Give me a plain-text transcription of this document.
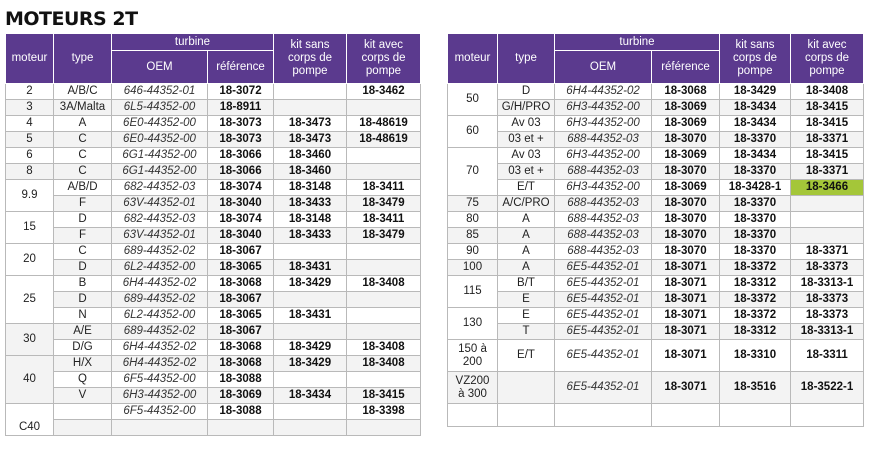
MOTEURS 2T
moteur	type	turbine		kit sans corps de pompe	kit avec corps de pompe
		OEM	référence		
2	A/B/C	646-44352-01	18-3072		18-3462
3	3A/Malta	6L5-44352-00	18-8911		
4	A	6E0-44352-00	18-3073	18-3473	18-48619
5	C	6E0-44352-00	18-3073	18-3473	18-48619
6	C	6G1-44352-00	18-3066	18-3460	
8	C	6G1-44352-00	18-3066	18-3460	
9.9	A/B/D	682-44352-03	18-3074	18-3148	18-3411
	F	63V-44352-01	18-3040	18-3433	18-3479
15	D	682-44352-03	18-3074	18-3148	18-3411
	F	63V-44352-01	18-3040	18-3433	18-3479
20	C	689-44352-02	18-3067		
	D	6L2-44352-00	18-3065	18-3431	
25	B	6H4-44352-02	18-3068	18-3429	18-3408
	D	689-44352-02	18-3067		
	N	6L2-44352-00	18-3065	18-3431	
30	A/E	689-44352-02	18-3067		
	D/G	6H4-44352-02	18-3068	18-3429	18-3408
40	H/X	6H4-44352-02	18-3068	18-3429	18-3408
	Q	6F5-44352-00	18-3088		
	V	6H3-44352-00	18-3069	18-3434	18-3415
C40		6F5-44352-00	18-3088		18-3398

moteur	type	turbine		kit sans corps de pompe	kit avec corps de pompe
		OEM	référence		
50	D	6H4-44352-02	18-3068	18-3429	18-3408
	G/H/PRO	6H3-44352-00	18-3069	18-3434	18-3415
60	Av 03	6H3-44352-00	18-3069	18-3434	18-3415
	03 et +	688-44352-03	18-3070	18-3370	18-3371
70	Av 03	6H3-44352-00	18-3069	18-3434	18-3415
	03 et +	688-44352-03	18-3070	18-3370	18-3371
	E/T	6H3-44352-00	18-3069	18-3428-1	18-3466
75	A/C/PRO	688-44352-03	18-3070	18-3370	
80	A	688-44352-03	18-3070	18-3370	
85	A	688-44352-03	18-3070	18-3370	
90	A	688-44352-03	18-3070	18-3370	18-3371
100	A	6E5-44352-01	18-3071	18-3372	18-3373
115	B/T	6E5-44352-01	18-3071	18-3312	18-3313-1
	E	6E5-44352-01	18-3071	18-3372	18-3373
130	E	6E5-44352-01	18-3071	18-3372	18-3373
	T	6E5-44352-01	18-3071	18-3312	18-3313-1
150 à 200	E/T	6E5-44352-01	18-3071	18-3310	18-3311
VZ200 à 300		6E5-44352-01	18-3071	18-3516	18-3522-1
